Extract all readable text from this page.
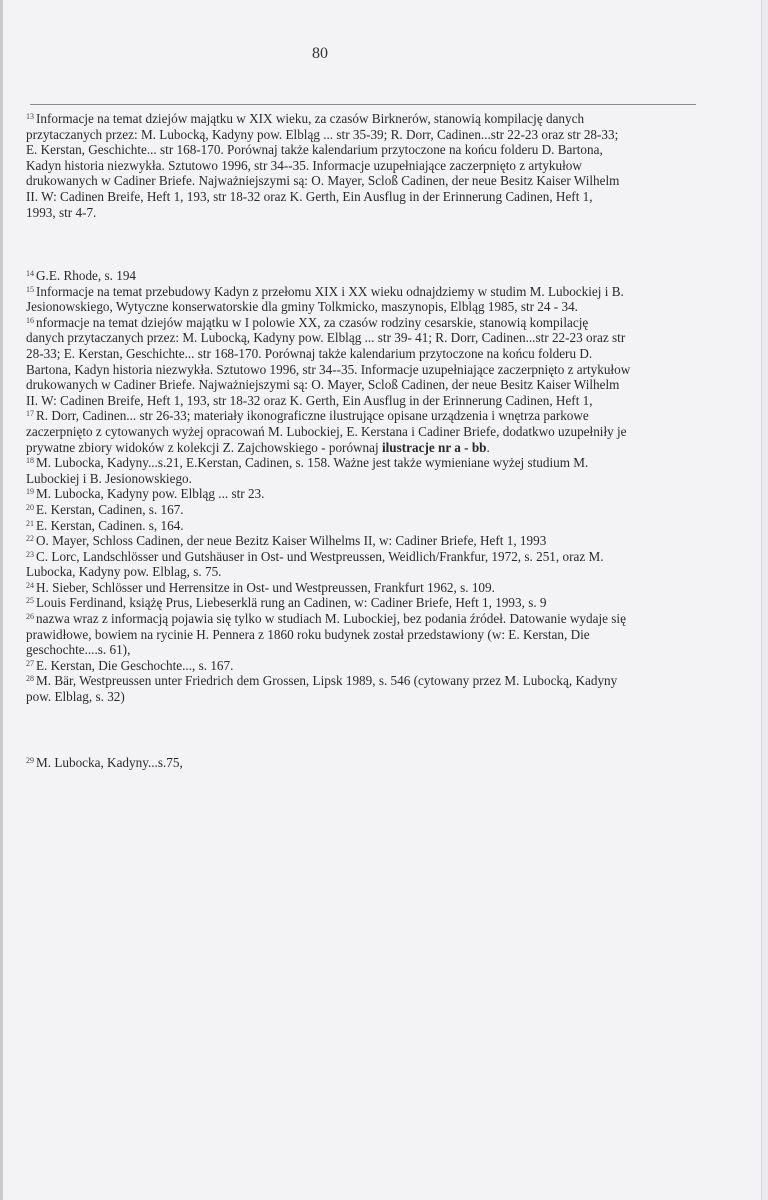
80

$^{13}$ Informacje na temat dziejów majątku w XIX wieku, za czasów Birknerów, stanowią kompilację danych
przytaczanych przez: M. Lubocką, Kadyny pow. Elbląg ... str 35-39; R. Dorr, Cadinen...str 22-23 oraz str 28-33;
E. Kerstan, Geschichte... str 168-170. Porównaj także kalendarium przytoczone na końcu folderu D. Bartona,
Kadyn historia niezwykła. Sztutowo 1996, str 34--35. Informacje uzupełniające zaczerpnięto z artykułow
drukowanych w Cadiner Briefe. Najważniejszymi są: O. Mayer, Scloß Cadinen, der neue Besitz Kaiser Wilhelm
II. W: Cadinen Breife, Heft 1, 193, str 18-32 oraz K. Gerth, Ein Ausflug in der Erinnerung Cadinen, Heft 1,
1993, str 4-7.

$^{14}$ G.E. Rhode, s. 194

$^{15}$ Informacje na temat przebudowy Kadyn z przełomu XIX i XX wieku odnajdziemy w studim M. Lubockiej i B.
Jesionowskiego, Wytyczne konserwatorskie dla gminy Tolkmicko, maszynopis, Elbląg 1985, str 24 - 34.

$^{16}$ nformacje na temat dziejów majątku w I polowie XX, za czasów rodziny cesarskie, stanowią kompilację
danych przytaczanych przez: M. Lubocką, Kadyny pow. Elbląg ... str 39- 41; R. Dorr, Cadinen...str 22-23 oraz str
28-33; E. Kerstan, Geschichte... str 168-170. Porównaj także kalendarium przytoczone na końcu folderu D.
Bartona, Kadyn historia niezwykła. Sztutowo 1996, str 34--35. Informacje uzupełniające zaczerpnięto z artykułow
drukowanych w Cadiner Briefe. Najważniejszymi są: O. Mayer, Scloß Cadinen, der neue Besitz Kaiser Wilhelm
II. W: Cadinen Breife, Heft 1, 193, str 18-32 oraz K. Gerth, Ein Ausflug in der Erinnerung Cadinen, Heft 1,

$^{17}$ R. Dorr, Cadinen... str 26-33; materiały ikonograficzne ilustrujące opisane urządzenia i wnętrza parkowe
zaczerpnięto z cytowanych wyżej opracowań M. Lubockiej, E. Kerstana i Cadiner Briefe, dodatkwo uzupełniły je
prywatne zbiory widoków z kolekcji Z. Zajchowskiego - porównaj ilustracje nr a - bb.

$^{18}$ M. Lubocka, Kadyny...s.21, E.Kerstan, Cadinen, s. 158. Ważne jest także wymieniane wyżej studium M.
Lubockiej i B. Jesionowskiego.

$^{19}$ M. Lubocka, Kadyny pow. Elbląg ... str 23.

$^{20}$ E. Kerstan, Cadinen, s. 167.

$^{21}$ E. Kerstan, Cadinen. s, 164.

$^{22}$ O. Mayer, Schloss Cadinen, der neue Bezitz Kaiser Wilhelms II, w: Cadiner Briefe, Heft 1, 1993

$^{23}$ C. Lorc, Landschlösser und Gutshäuser in Ost- und Westpreussen, Weidlich/Frankfur, 1972, s. 251, oraz M.
Lubocka, Kadyny pow. Elblag, s. 75.

$^{24}$ H. Sieber, Schlösser und Herrensitze in Ost- und Westpreussen, Frankfurt 1962, s. 109.

$^{25}$ Louis Ferdinand, książę Prus, Liebeserklä rung an Cadinen, w: Cadiner Briefe, Heft 1, 1993, s. 9

$^{26}$ nazwa wraz z informacją pojawia się tylko w studiach M. Lubockiej, bez podania źródeł. Datowanie wydaje się
prawidłowe, bowiem na rycinie H. Pennera z 1860 roku budynek został przedstawiony (w: E. Kerstan, Die
geschochte....s. 61),

$^{27}$ E. Kerstan, Die Geschochte..., s. 167.

$^{28}$ M. Bär, Westpreussen unter Friedrich dem Grossen, Lipsk 1989, s. 546 (cytowany przez M. Lubocką, Kadyny
pow. Elblag, s. 32)

$^{29}$ M. Lubocka, Kadyny...s.75,
